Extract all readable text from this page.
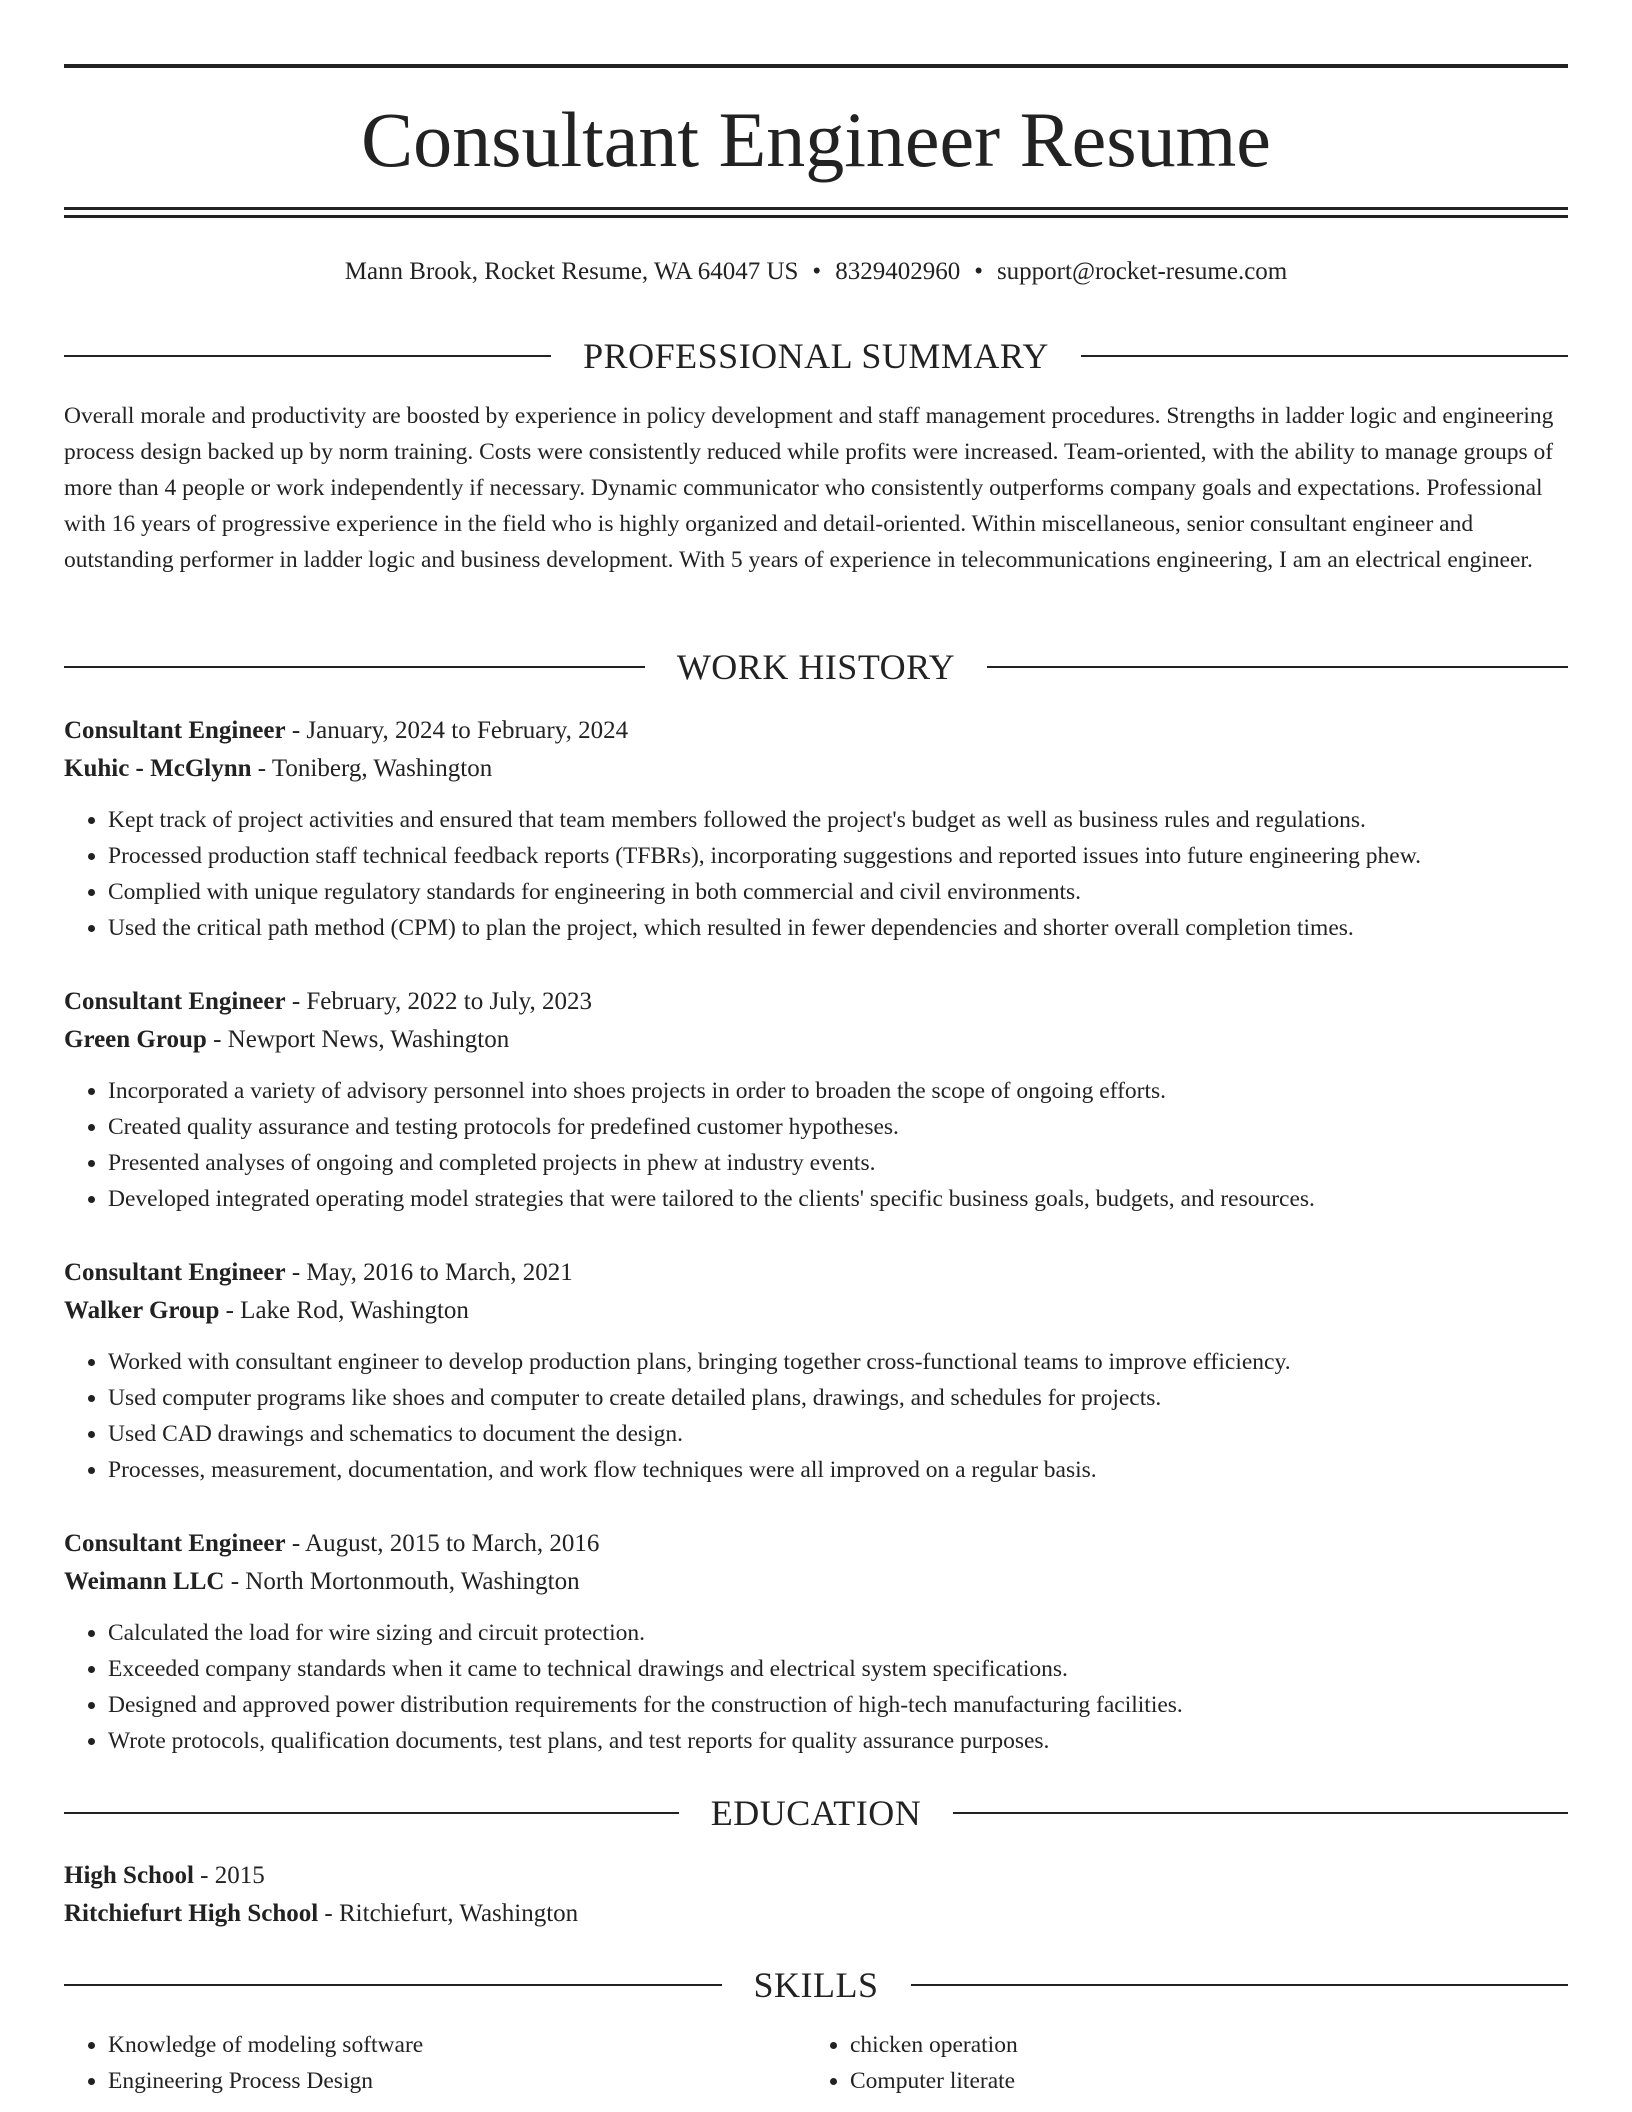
Consultant Engineer Resume
Mann Brook, Rocket Resume, WA 64047 US • 8329402960 • support@rocket-resume.com
PROFESSIONAL SUMMARY

Overall morale and productivity are boosted by experience in policy development and staff management procedures. Strengths in ladder logic and engineering process design backed up by norm training. Costs were consistently reduced while profits were increased. Team-oriented, with the ability to manage groups of more than 4 people or work independently if necessary. Dynamic communicator who consistently outperforms company goals and expectations. Professional with 16 years of progressive experience in the field who is highly organized and detail-oriented. Within miscellaneous, senior consultant engineer and outstanding performer in ladder logic and business development. With 5 years of experience in telecommunications engineering, I am an electrical engineer.

WORK HISTORY
Consultant Engineer - January, 2024 to February, 2024
Kuhic - McGlynn - Toniberg, Washington
• Kept track of project activities and ensured that team members followed the project's budget as well as business rules and regulations.
• Processed production staff technical feedback reports (TFBRs), incorporating suggestions and reported issues into future engineering phew.
• Complied with unique regulatory standards for engineering in both commercial and civil environments.
• Used the critical path method (CPM) to plan the project, which resulted in fewer dependencies and shorter overall completion times.
Consultant Engineer - February, 2022 to July, 2023
Green Group - Newport News, Washington
• Incorporated a variety of advisory personnel into shoes projects in order to broaden the scope of ongoing efforts.
• Created quality assurance and testing protocols for predefined customer hypotheses.
• Presented analyses of ongoing and completed projects in phew at industry events.
• Developed integrated operating model strategies that were tailored to the clients' specific business goals, budgets, and resources.
Consultant Engineer - May, 2016 to March, 2021
Walker Group - Lake Rod, Washington
• Worked with consultant engineer to develop production plans, bringing together cross-functional teams to improve efficiency.
• Used computer programs like shoes and computer to create detailed plans, drawings, and schedules for projects.
• Used CAD drawings and schematics to document the design.
• Processes, measurement, documentation, and work flow techniques were all improved on a regular basis.
Consultant Engineer - August, 2015 to March, 2016
Weimann LLC - North Mortonmouth, Washington
• Calculated the load for wire sizing and circuit protection.
• Exceeded company standards when it came to technical drawings and electrical system specifications.
• Designed and approved power distribution requirements for the construction of high-tech manufacturing facilities.
• Wrote protocols, qualification documents, test plans, and test reports for quality assurance purposes.
EDUCATION
High School - 2015
Ritchiefurt High School - Ritchiefurt, Washington
SKILLS
• Knowledge of modeling software
• Engineering Process Design
• chicken operation
• Computer literate
